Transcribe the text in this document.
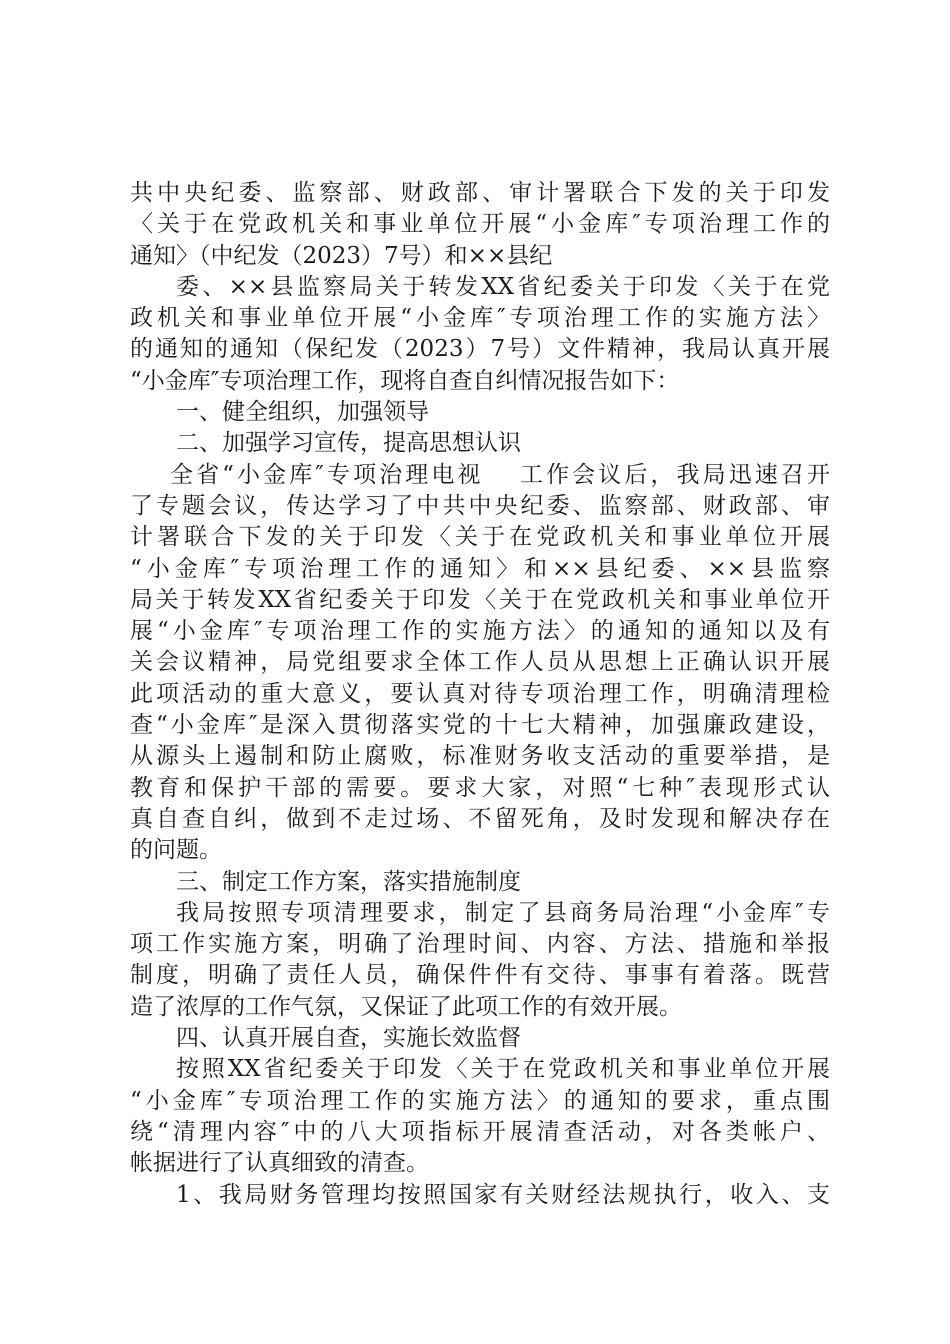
共中央纪委、监察部、财政部、审计署联合下发的关于印发
〈关于在党政机关和事业单位开展“小金库″专项治理工作的
通知〉（中纪发（2023）7号）和××县纪
委、××县监察局关于转发XX省纪委关于印发〈关于在党
政机关和事业单位开展“小金库″专项治理工作的实施方法〉
的通知的通知（保纪发（2023）7号）文件精神，我局认真开展
“小金库″专项治理工作，现将自查自纠情况报告如下：
一、健全组织，加强领导
二、加强学习宣传，提高思想认识
全省“小金库″专项治理电视　 工作会议后，我局迅速召开
了专题会议，传达学习了中共中央纪委、监察部、财政部、审
计署联合下发的关于印发〈关于在党政机关和事业单位开展
“小金库″专项治理工作的通知〉和××县纪委、××县监察
局关于转发XX省纪委关于印发〈关于在党政机关和事业单位开
展“小金库″专项治理工作的实施方法〉的通知的通知以及有
关会议精神，局党组要求全体工作人员从思想上正确认识开展
此项活动的重大意义，要认真对待专项治理工作，明确清理检
查“小金库″是深入贯彻落实党的十七大精神，加强廉政建设，
从源头上遏制和防止腐败，标准财务收支活动的重要举措，是
教育和保护干部的需要。要求大家，对照“七种″表现形式认
真自查自纠，做到不走过场、不留死角，及时发现和解决存在
的问题。
三、制定工作方案，落实措施制度
我局按照专项清理要求，制定了县商务局治理“小金库″专
项工作实施方案，明确了治理时间、内容、方法、措施和举报
制度，明确了责任人员，确保件件有交待、事事有着落。既营
造了浓厚的工作气氛，又保证了此项工作的有效开展。
四、认真开展自查，实施长效监督
按照XX省纪委关于印发〈关于在党政机关和事业单位开展
“小金库″专项治理工作的实施方法〉的通知的要求，重点围
绕“清理内容″中的八大项指标开展清查活动，对各类帐户、
帐据进行了认真细致的清查。
1、我局财务管理均按照国家有关财经法规执行，收入、支
